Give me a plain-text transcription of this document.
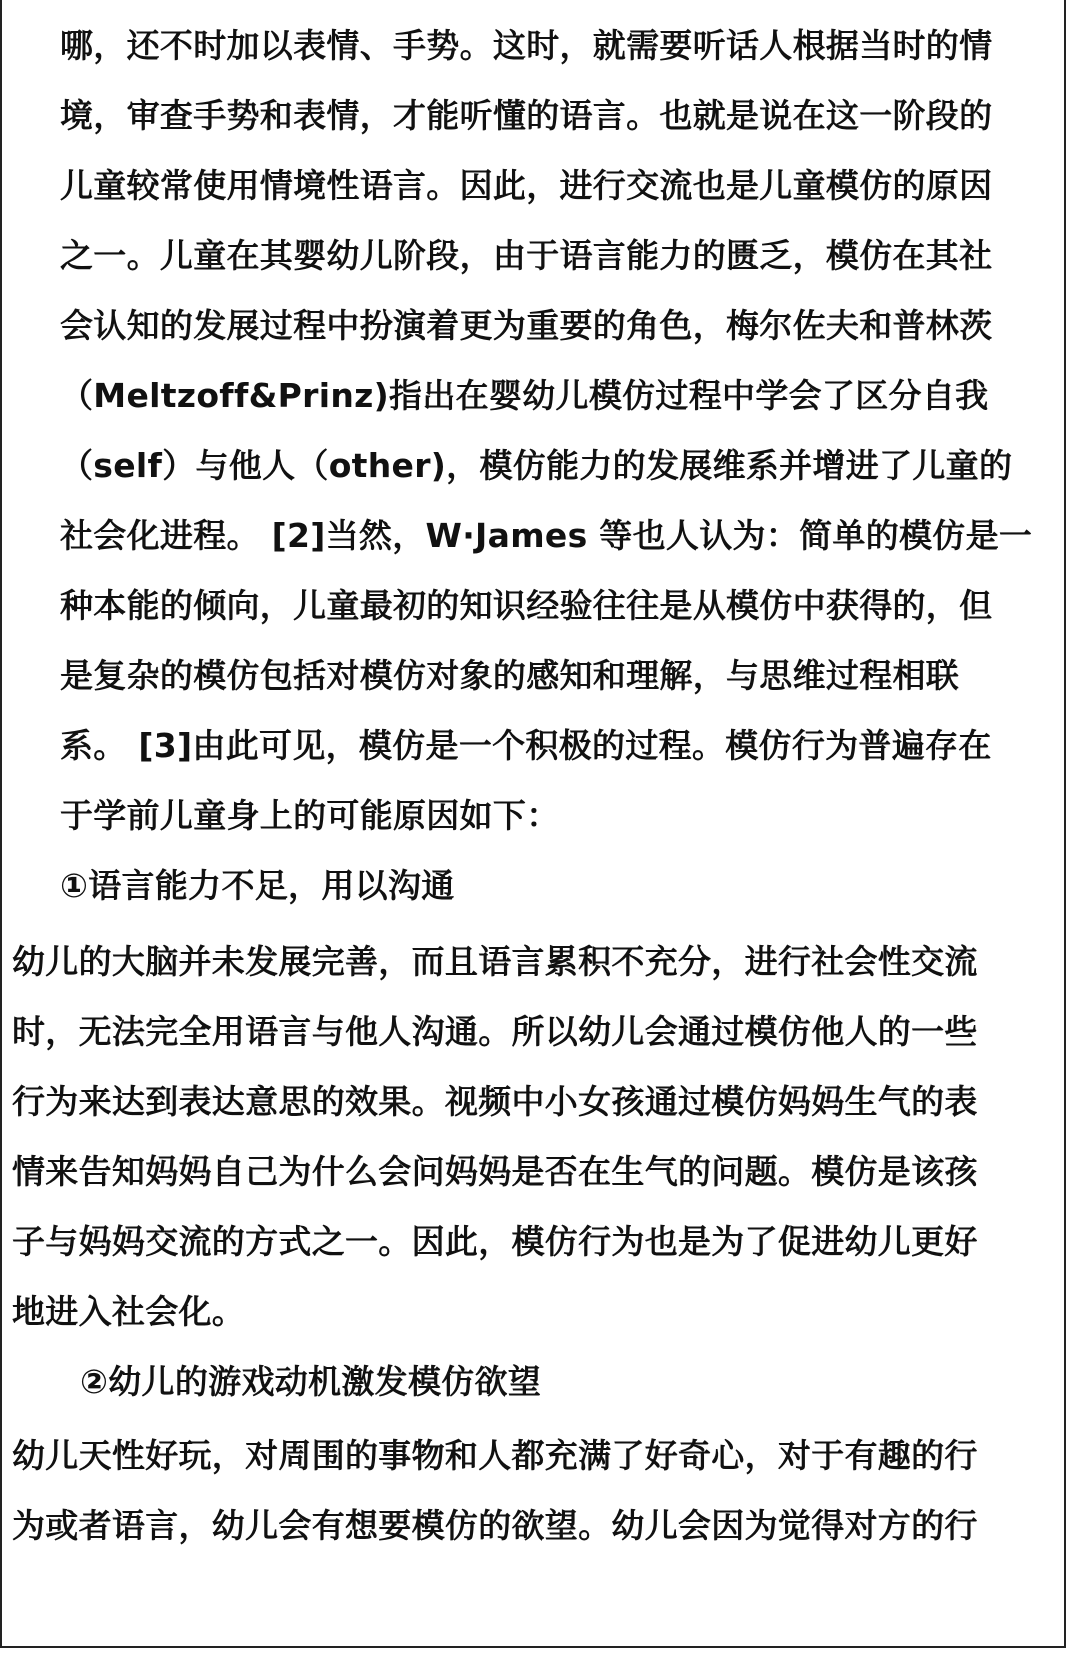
哪，还不时加以表情、手势。这时，就需要听话人根据当时的情
境，审查手势和表情，才能听懂的语言。也就是说在这一阶段的
儿童较常使用情境性语言。因此，进行交流也是儿童模仿的原因
之一。儿童在其婴幼儿阶段，由于语言能力的匮乏，模仿在其社
会认知的发展过程中扮演着更为重要的角色，梅尔佐夫和普林茨
（Meltzoff&Prinz)指出在婴幼儿模仿过程中学会了区分自我
（self）与他人（other)，模仿能力的发展维系并增进了儿童的
社会化进程。 [2]当然，W·James 等也人认为：简单的模仿是一
种本能的倾向，儿童最初的知识经验往往是从模仿中获得的，但
是复杂的模仿包括对模仿对象的感知和理解，与思维过程相联
系。 [3]由此可见，模仿是一个积极的过程。模仿行为普遍存在
于学前儿童身上的可能原因如下：
①语言能力不足，用以沟通
幼儿的大脑并未发展完善，而且语言累积不充分，进行社会性交流
时，无法完全用语言与他人沟通。所以幼儿会通过模仿他人的一些
行为来达到表达意思的效果。视频中小女孩通过模仿妈妈生气的表
情来告知妈妈自己为什么会问妈妈是否在生气的问题。模仿是该孩
子与妈妈交流的方式之一。因此，模仿行为也是为了促进幼儿更好
地进入社会化。
②幼儿的游戏动机激发模仿欲望
幼儿天性好玩，对周围的事物和人都充满了好奇心，对于有趣的行
为或者语言，幼儿会有想要模仿的欲望。幼儿会因为觉得对方的行
